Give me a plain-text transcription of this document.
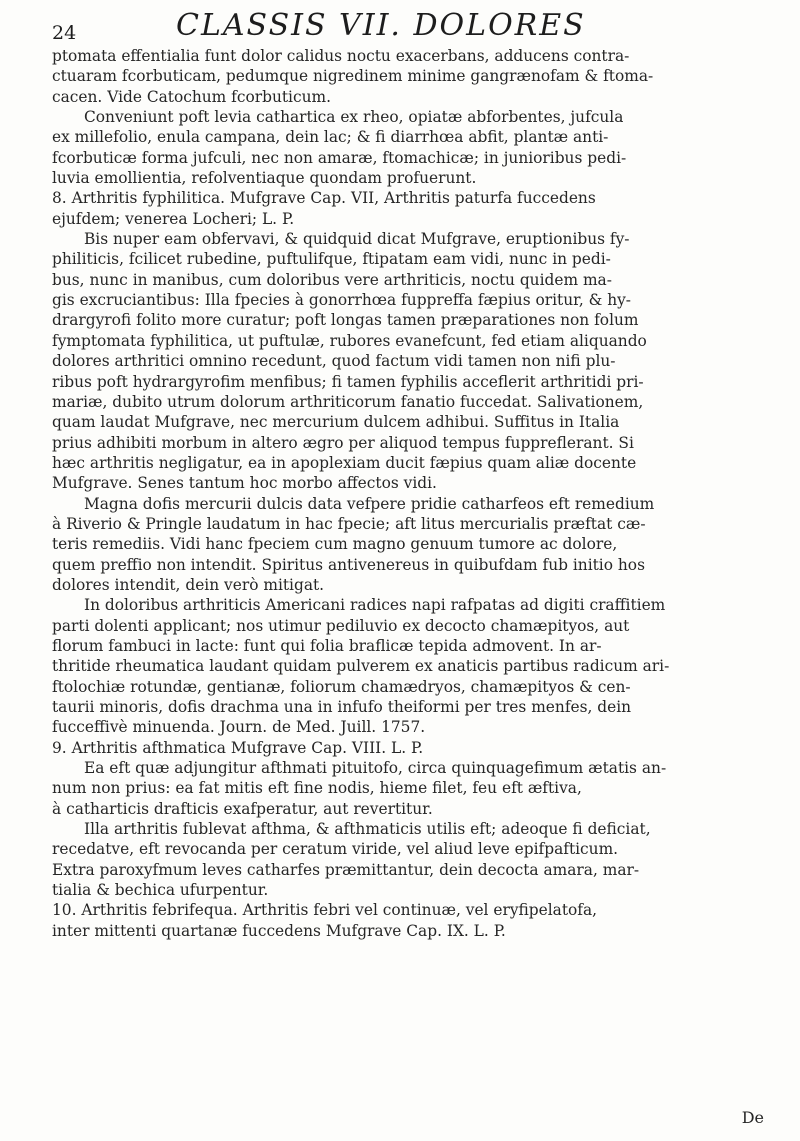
24	CLASSIS VII. DOLORES
ptomata effentialia funt dolor calidus noctu exacerbans, adducens contra-
ctuaram fcorbuticam, pedumque nigredinem minime gangrænofam & ftoma-
cacen. Vide Catochum fcorbuticum.
Conveniunt poft levia cathartica ex rheo, opiatæ abforbentes, jufcula
ex millefolio, enula campana, dein lac; & fi diarrhœa abfit, plantæ anti-
fcorbuticæ forma jufculi, nec non amaræ, ftomachicæ; in junioribus pedi-
luvia emollientia, refolventiaque quondam profuerunt.
8. Arthritis fyphilitica. Mufgrave Cap. VII, Arthritis paturfa fuccedens
ejufdem; venerea Locheri; L. P.
Bis nuper eam obfervavi, & quidquid dicat Mufgrave, eruptionibus fy-
philiticis, fcilicet rubedine, puftulifque, ftipatam eam vidi, nunc in pedi-
bus, nunc in manibus, cum doloribus vere arthriticis, noctu quidem ma-
gis excruciantibus: Illa fpecies à gonorrhœa fuppreffa fæpius oritur, & hy-
drargyrofi folito more curatur; poft longas tamen præparationes non folum
fymptomata fyphilitica, ut puftulæ, rubores evanefcunt, fed etiam aliquando
dolores arthritici omnino recedunt, quod factum vidi tamen non nifi plu-
ribus poft hydrargyrofim menfibus; fi tamen fyphilis acceflerit arthritidi pri-
mariæ, dubito utrum dolorum arthriticorum fanatio fuccedat. Salivationem,
quam laudat Mufgrave, nec mercurium dulcem adhibui. Suffitus in Italia
prius adhibiti morbum in altero ægro per aliquod tempus fuppreflerant. Si
hæc arthritis negligatur, ea in apoplexiam ducit fæpius quam aliæ docente
Mufgrave. Senes tantum hoc morbo affectos vidi.
Magna dofis mercurii dulcis data vefpere pridie catharfeos eft remedium
à Riverio & Pringle laudatum in hac fpecie; aft litus mercurialis præftat cæ-
teris remediis. Vidi hanc fpeciem cum magno genuum tumore ac dolore,
quem preffio non intendit. Spiritus antivenereus in quibufdam fub initio hos
dolores intendit, dein verò mitigat.
In doloribus arthriticis Americani radices napi rafpatas ad digiti craffitiem
parti dolenti applicant; nos utimur pediluvio ex decocto chamæpityos, aut
florum fambuci in lacte: funt qui folia braflicæ tepida admovent. In ar-
thritide rheumatica laudant quidam pulverem ex anaticis partibus radicum ari-
ftolochiæ rotundæ, gentianæ, foliorum chamædryos, chamæpityos & cen-
taurii minoris, dofis drachma una in infufo theiformi per tres menfes, dein
fucceffivè minuenda. Journ. de Med. Juill. 1757.
9. Arthritis afthmatica Mufgrave Cap. VIII. L. P.
Ea eft quæ adjungitur afthmati pituitofo, circa quinquagefimum ætatis an-
num non prius: ea fat mitis eft fine nodis, hieme filet, feu eft æftiva,
à catharticis drafticis exafperatur, aut revertitur.
Illa arthritis fublevat afthma, & afthmaticis utilis eft; adeoque fi deficiat,
recedatve, eft revocanda per ceratum viride, vel aliud leve epifpafticum.
Extra paroxyfmum leves catharfes præmittantur, dein decocta amara, mar-
tialia & bechica ufurpentur.
10. Arthritis febrifequa. Arthritis febri vel continuæ, vel eryfipelatofa,
inter mittenti quartanæ fuccedens Mufgrave Cap. IX. L. P.
De
